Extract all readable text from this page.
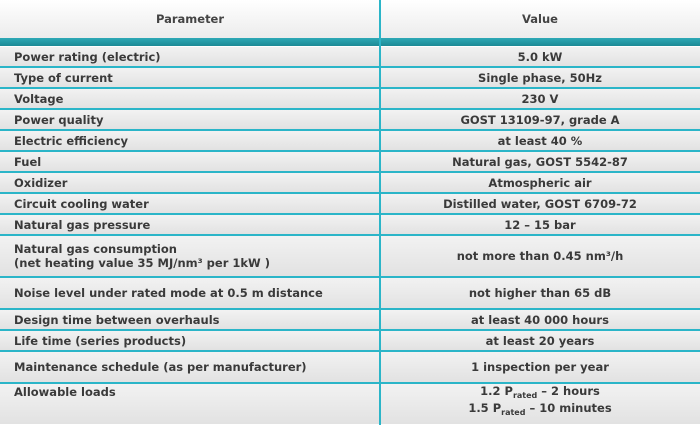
Parameter	Value
Power rating (electric)	5.0 kW
Type of current	Single phase, 50Hz
Voltage	230 V
Power quality	GOST 13109-97, grade A
Electric efficiency	at least 40 %
Fuel	Natural gas, GOST 5542-87
Oxidizer	Atmospheric air
Circuit cooling water	Distilled water, GOST 6709-72
Natural gas pressure	12 – 15 bar
Natural gas consumption
(net heating value 35 MJ/nm³ per 1kW )	not more than 0.45 nm³/h
Noise level under rated mode at 0.5 m distance	not higher than 65 dB
Design time between overhauls	at least 40 000 hours
Life time (series products)	at least 20 years
Maintenance schedule (as per manufacturer)	1 inspection per year
Allowable loads	1.2 $P_{rated} - 2$ hours
1.5 $P_{rated} - 10$ minutes
